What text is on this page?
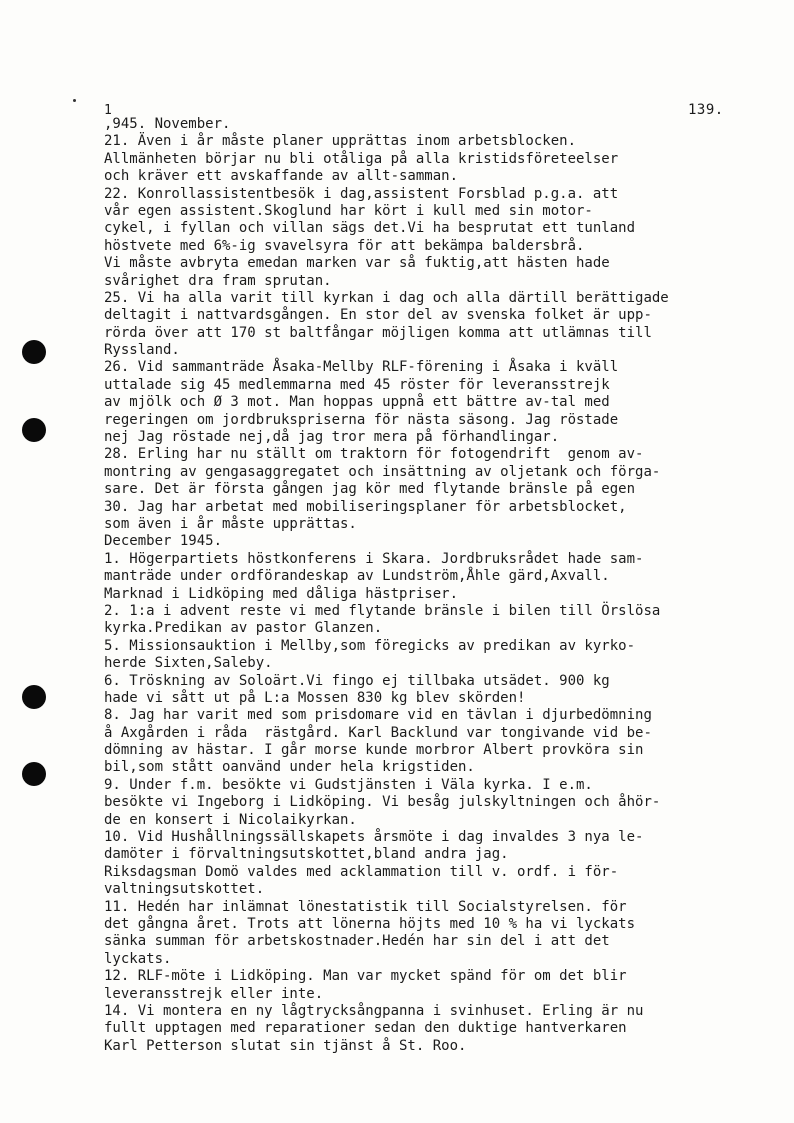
139.
1
,945. November.
21. Även i år måste planer upprättas inom arbetsblocken.
Allmänheten börjar nu bli otåliga på alla kristidsföreteelser
och kräver ett avskaffande av allt-samman.
22. Konrollassistentbesök i dag,assistent Forsblad p.g.a. att
vår egen assistent.Skoglund har kört i kull med sin motor-
cykel, i fyllan och villan sägs det.Vi ha besprutat ett tunland
höstvete med 6%-ig svavelsyra för att bekämpa baldersbrå.
Vi måste avbryta emedan marken var så fuktig,att hästen hade
svårighet dra fram sprutan.
25. Vi ha alla varit till kyrkan i dag och alla därtill berättigade
deltagit i nattvardsgången. En stor del av svenska folket är upp-
rörda över att 170 st baltfångar möjligen komma att utlämnas till
Ryssland.
26. Vid sammanträde Åsaka-Mellby RLF-förening i Åsaka i kväll
uttalade sig 45 medlemmarna med 45 röster för leveransstrejk
av mjölk och Ø 3 mot. Man hoppas uppnå ett bättre av-tal med
regeringen om jordbrukspriserna för nästa säsong. Jag röstade
nej Jag röstade nej,då jag tror mera på förhandlingar.
28. Erling har nu ställt om traktorn för fotogendrift  genom av-
montring av gengasaggregatet och insättning av oljetank och förga-
sare. Det är första gången jag kör med flytande bränsle på egen
30. Jag har arbetat med mobiliseringsplaner för arbetsblocket,
som även i år måste upprättas.
December 1945.
1. Högerpartiets höstkonferens i Skara. Jordbruksrådet hade sam-
manträde under ordförandeskap av Lundström,Åhle gärd,Axvall.
Marknad i Lidköping med dåliga hästpriser.
2. 1:a i advent reste vi med flytande bränsle i bilen till Örslösa
kyrka.Predikan av pastor Glanzen.
5. Missionsauktion i Mellby,som föregicks av predikan av kyrko-
herde Sixten,Saleby.
6. Tröskning av Soloärt.Vi fingo ej tillbaka utsädet. 900 kg
hade vi sått ut på L:a Mossen 830 kg blev skörden!
8. Jag har varit med som prisdomare vid en tävlan i djurbedömning
å Axgården i råda  rästgård. Karl Backlund var tongivande vid be-
dömning av hästar. I går morse kunde morbror Albert provköra sin
bil,som stått oanvänd under hela krigstiden.
9. Under f.m. besökte vi Gudstjänsten i Väla kyrka. I e.m.
besökte vi Ingeborg i Lidköping. Vi besåg julskyltningen och åhör-
de en konsert i Nicolaikyrkan.
10. Vid Hushållningssällskapets årsmöte i dag invaldes 3 nya le-
damöter i förvaltningsutskottet,bland andra jag.
Riksdagsman Domö valdes med acklammation till v. ordf. i för-
valtningsutskottet.
11. Hedén har inlämnat lönestatistik till Socialstyrelsen. för
det gångna året. Trots att lönerna höjts med 10 % ha vi lyckats
sänka summan för arbetskostnader.Hedén har sin del i att det
lyckats.
12. RLF-möte i Lidköping. Man var mycket spänd för om det blir
leveransstrejk eller inte.
14. Vi montera en ny lågtrycksångpanna i svinhuset. Erling är nu
fullt upptagen med reparationer sedan den duktige hantverkaren
Karl Petterson slutat sin tjänst å St. Roo.
